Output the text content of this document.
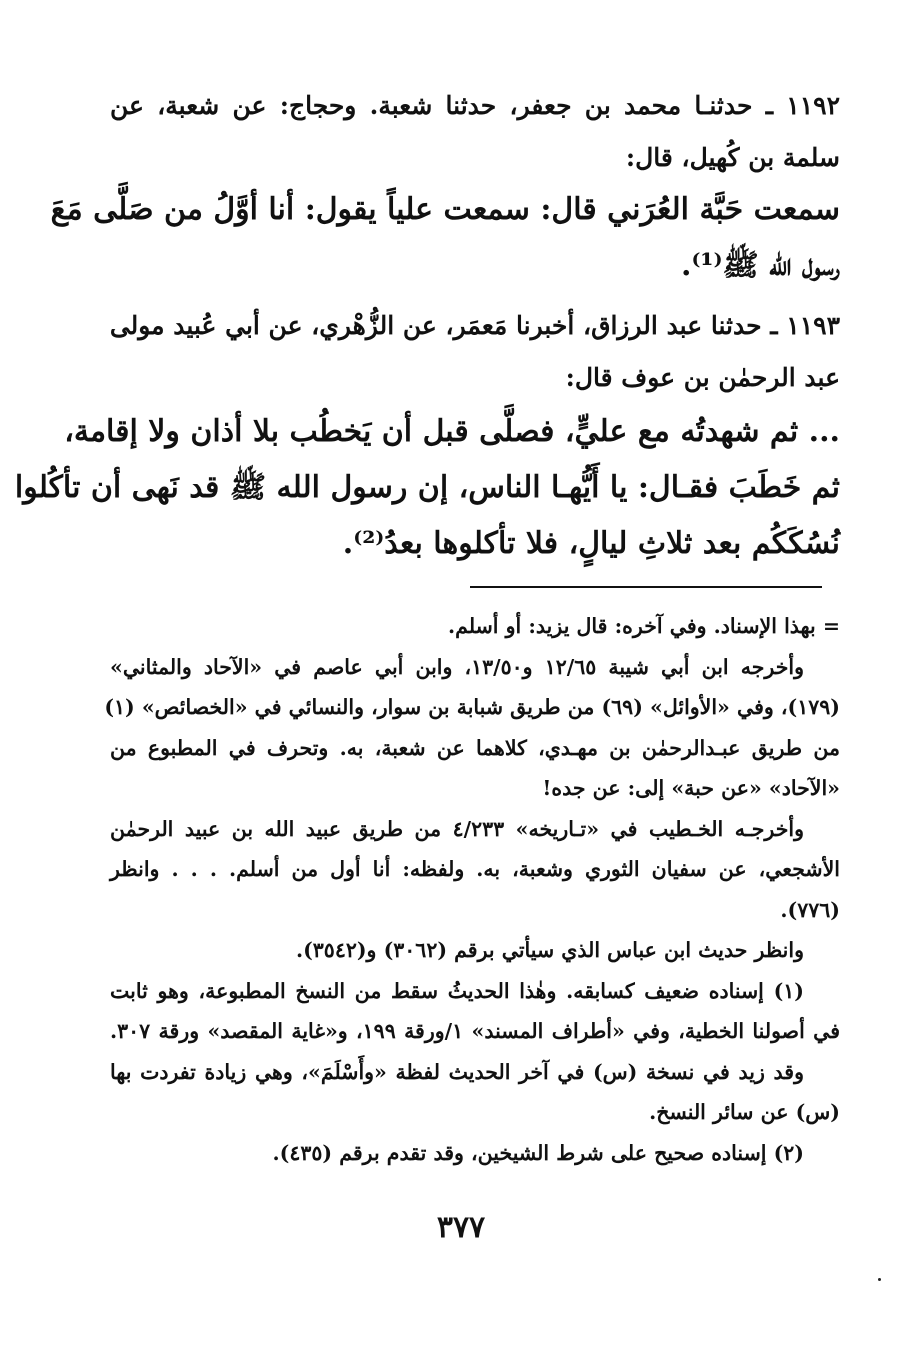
١١٩٢ ـ حدثنـا محمد بن جعفر، حدثنا شعبة. وحجاج: عن شعبة، عن
سلمة بن كُهيل، قال:
سمعت حَبَّة العُرَني قال: سمعت علياً يقول: أنا أوَّلُ من صَلَّى مَعَ
رسول الله ﷺ⁽¹⁾.
١١٩٣ ـ حدثنا عبد الرزاق، أخبرنا مَعمَر، عن الزُّهْري، عن أبي عُبيد مولى
عبد الرحمٰن بن عوف قال:
... ثم شهدتُه مع عليٍّ، فصلَّى قبل أن يَخطُب بلا أذان ولا إقامة،
ثم خَطَبَ فقـال: يا أَيُّهـا الناس، إن رسول الله ﷺ قد نَهى أن تأكُلوا
نُسُكَكُم بعد ثلاثِ ليالٍ، فلا تأكلوها بعدُ⁽²⁾.
= بهذا الإسناد. وفي آخره: قال يزيد: أو أسلم.
وأخرجه ابن أبي شيبة ١٢/٦٥ و١٣/٥٠، وابن أبي عاصم في «الآحاد والمثاني»
(١٧٩)، وفي «الأوائل» (٦٩) من طريق شبابة بن سوار، والنسائي في «الخصائص» (١)
من طريق عبـدالرحمٰن بن مهـدي، كلاهما عن شعبة، به. وتحرف في المطبوع من
«الآحاد» «عن حبة» إلى: عن جده!
وأخرجـه الخـطيب في «تـاريخه» ٤/٢٣٣ من طريق عبيد الله بن عبيد الرحمٰن
الأشجعي، عن سفيان الثوري وشعبة، به. ولفظه: أنا أول من أسلم. . . . وانظر
(٧٧٦).
وانظر حديث ابن عباس الذي سيأتي برقم (٣٠٦٢) و(٣٥٤٢).
(١) إسناده ضعيف كسابقه. وهٰذا الحديثُ سقط من النسخ المطبوعة، وهو ثابت
في أصولنا الخطية، وفي «أطراف المسند» ١/ورقة ١٩٩، و«غاية المقصد» ورقة ٣٠٧.
وقد زيد في نسخة (س) في آخر الحديث لفظة «وأَسْلَمَ»، وهي زيادة تفردت بها
(س) عن سائر النسخ.
(٢) إسناده صحيح على شرط الشيخين، وقد تقدم برقم (٤٣٥).
٣٧٧
